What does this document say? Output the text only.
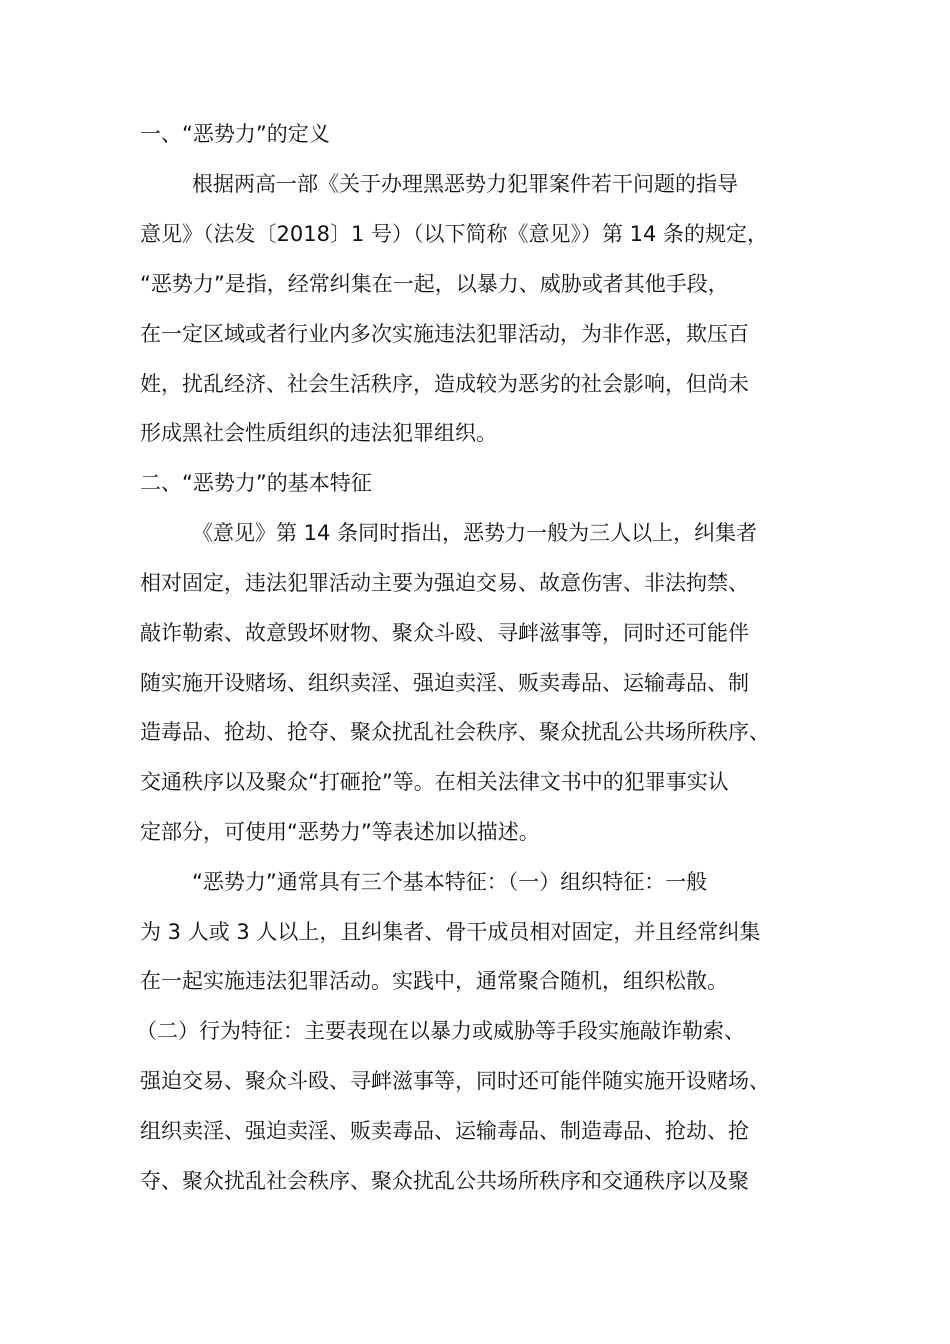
一、“恶势力”的定义
根据两高一部《关于办理黑恶势力犯罪案件若干问题的指导
意见》（法发〔2018〕1 号）（以下简称《意见》）第 14 条的规定，
“恶势力”是指，经常纠集在一起，以暴力、威胁或者其他手段，
在一定区域或者行业内多次实施违法犯罪活动，为非作恶，欺压百
姓，扰乱经济、社会生活秩序，造成较为恶劣的社会影响，但尚未
形成黑社会性质组织的违法犯罪组织。
二、“恶势力”的基本特征
《意见》第 14 条同时指出，恶势力一般为三人以上，纠集者
相对固定，违法犯罪活动主要为强迫交易、故意伤害、非法拘禁、
敲诈勒索、故意毁坏财物、聚众斗殴、寻衅滋事等，同时还可能伴
随实施开设赌场、组织卖淫、强迫卖淫、贩卖毒品、运输毒品、制
造毒品、抢劫、抢夺、聚众扰乱社会秩序、聚众扰乱公共场所秩序、
交通秩序以及聚众“打砸抢”等。在相关法律文书中的犯罪事实认
定部分，可使用“恶势力”等表述加以描述。
“恶势力”通常具有三个基本特征：（一）组织特征：一般
为 3 人或 3 人以上，且纠集者、骨干成员相对固定，并且经常纠集
在一起实施违法犯罪活动。实践中，通常聚合随机，组织松散。
（二）行为特征：主要表现在以暴力或威胁等手段实施敲诈勒索、
强迫交易、聚众斗殴、寻衅滋事等，同时还可能伴随实施开设赌场、
组织卖淫、强迫卖淫、贩卖毒品、运输毒品、制造毒品、抢劫、抢
夺、聚众扰乱社会秩序、聚众扰乱公共场所秩序和交通秩序以及聚
